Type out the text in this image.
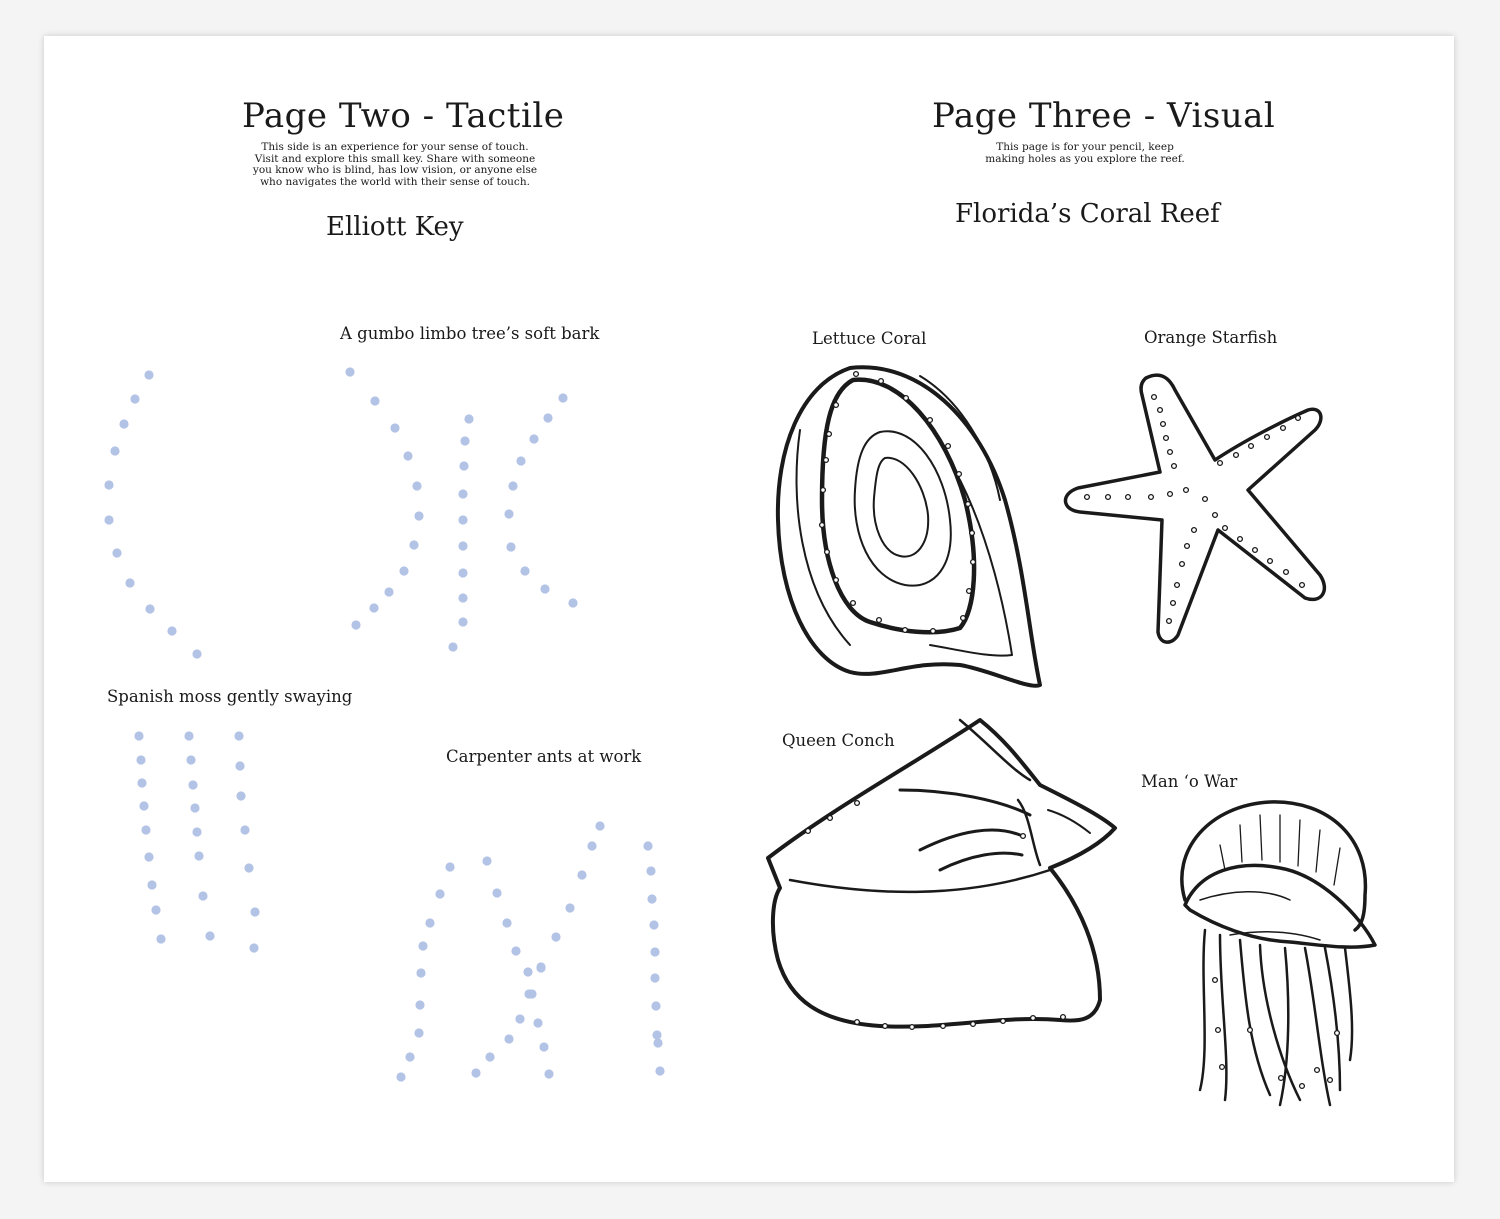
Page Two - Tactile
This side is an experience for your sense of touch.
Visit and explore this small key. Share with someone
you know who is blind, has low vision, or anyone else
who navigates the world with their sense of touch.
Elliott Key
A gumbo limbo tree’s soft bark
Spanish moss gently swaying
Carpenter ants at work
Page Three - Visual
This page is for your pencil, keep
making holes as you explore the reef.
Florida’s Coral Reef
Lettuce Coral	Orange Starfish
Queen Conch
Man ‘o War
